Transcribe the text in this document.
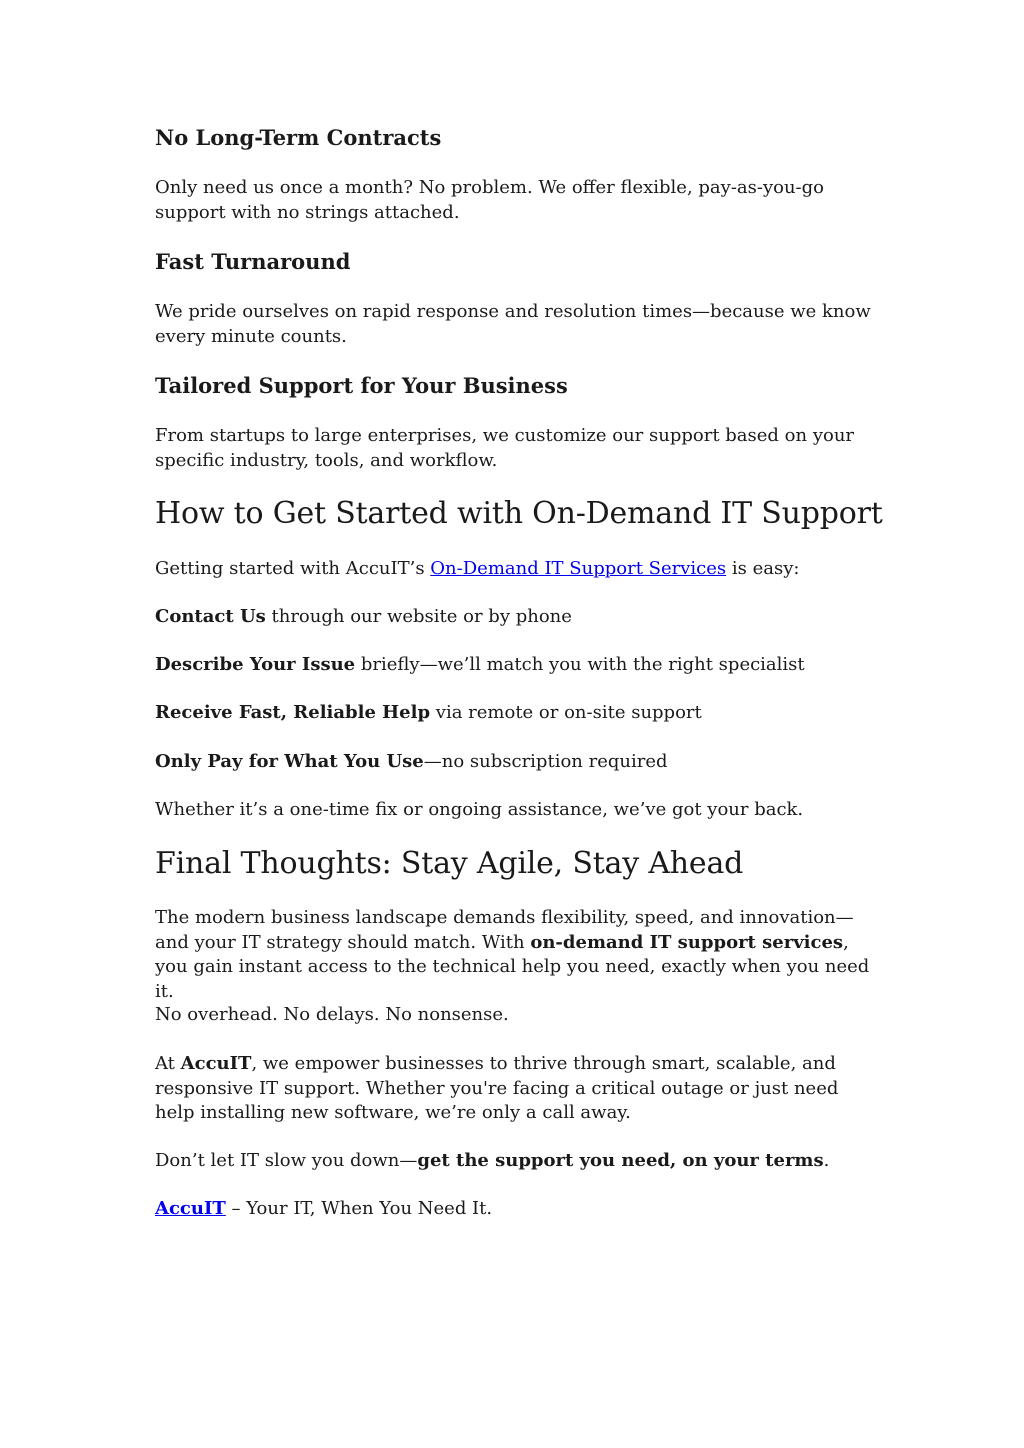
No Long-Term Contracts
Only need us once a month? No problem. We offer flexible, pay-as-you-go support with no strings attached.
Fast Turnaround
We pride ourselves on rapid response and resolution times—because we know every minute counts.
Tailored Support for Your Business
From startups to large enterprises, we customize our support based on your specific industry, tools, and workflow.
How to Get Started with On-Demand IT Support
Getting started with AccuIT’s On-Demand IT Support Services is easy:
Contact Us through our website or by phone
Describe Your Issue briefly—we’ll match you with the right specialist
Receive Fast, Reliable Help via remote or on-site support
Only Pay for What You Use—no subscription required
Whether it’s a one-time fix or ongoing assistance, we’ve got your back.
Final Thoughts: Stay Agile, Stay Ahead
The modern business landscape demands flexibility, speed, and innovation—and your IT strategy should match. With on-demand IT support services, you gain instant access to the technical help you need, exactly when you need it.
No overhead. No delays. No nonsense.
At AccuIT, we empower businesses to thrive through smart, scalable, and responsive IT support. Whether you're facing a critical outage or just need help installing new software, we’re only a call away.
Don’t let IT slow you down—get the support you need, on your terms.
AccuIT – Your IT, When You Need It.
